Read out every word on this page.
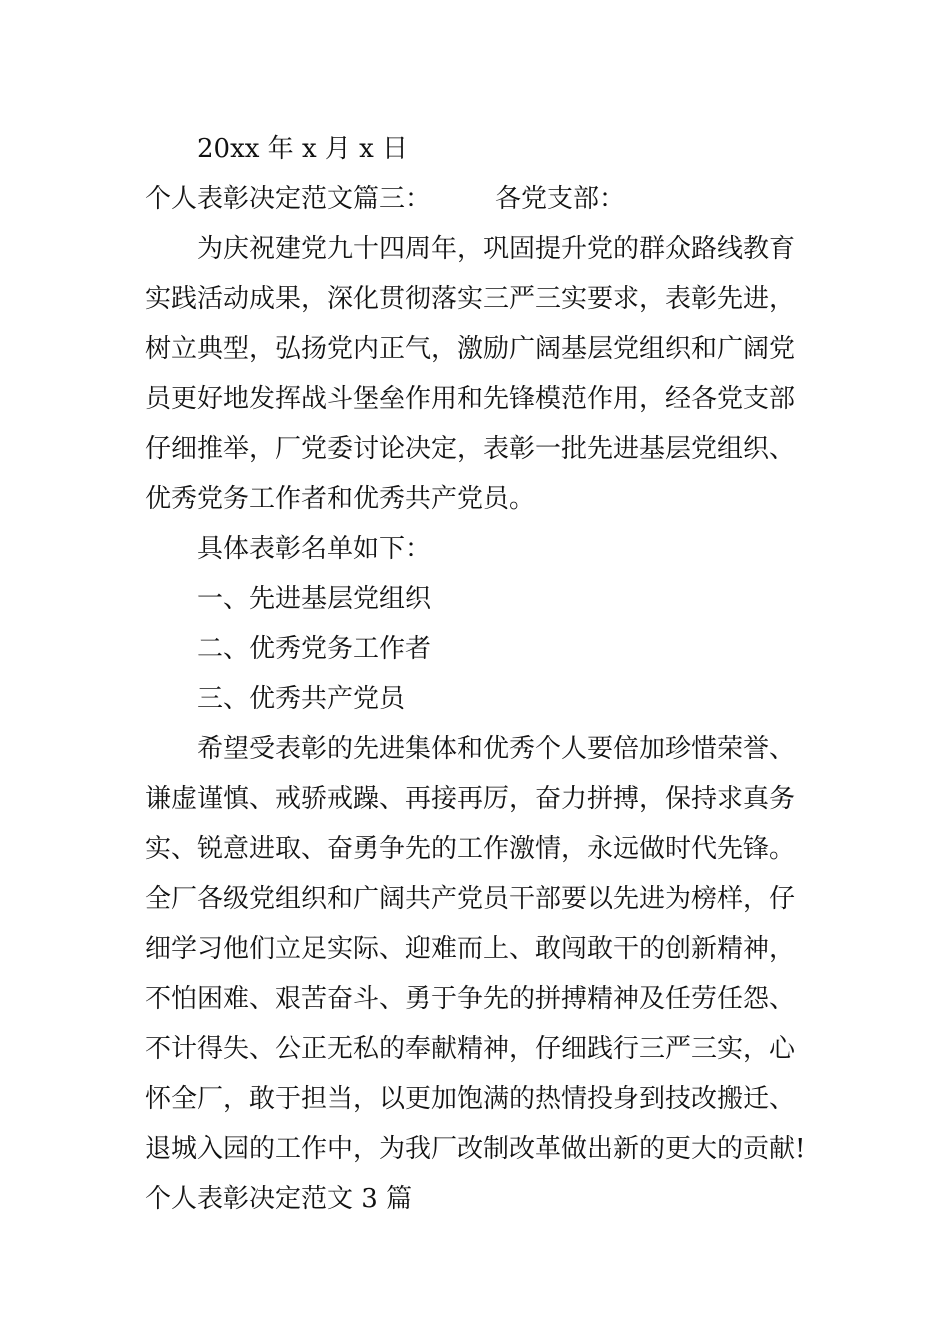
20xx 年 x 月 x 日
个人表彰决定范文篇三： 各党支部：
为庆祝建党九十四周年，巩固提升党的群众路线教育
实践活动成果，深化贯彻落实三严三实要求，表彰先进，
树立典型，弘扬党内正气，激励广阔基层党组织和广阔党
员更好地发挥战斗堡垒作用和先锋模范作用，经各党支部
仔细推举，厂党委讨论决定，表彰一批先进基层党组织、
优秀党务工作者和优秀共产党员。
具体表彰名单如下：
一、先进基层党组织
二、优秀党务工作者
三、优秀共产党员
希望受表彰的先进集体和优秀个人要倍加珍惜荣誉、
谦虚谨慎、戒骄戒躁、再接再厉，奋力拼搏，保持求真务
实、锐意进取、奋勇争先的工作激情，永远做时代先锋。
全厂各级党组织和广阔共产党员干部要以先进为榜样，仔
细学习他们立足实际、迎难而上、敢闯敢干的创新精神，
不怕困难、艰苦奋斗、勇于争先的拼搏精神及任劳任怨、
不计得失、公正无私的奉献精神，仔细践行三严三实，心
怀全厂，敢于担当，以更加饱满的热情投身到技改搬迁、
退城入园的工作中，为我厂改制改革做出新的更大的贡献!
个人表彰决定范文 3 篇
